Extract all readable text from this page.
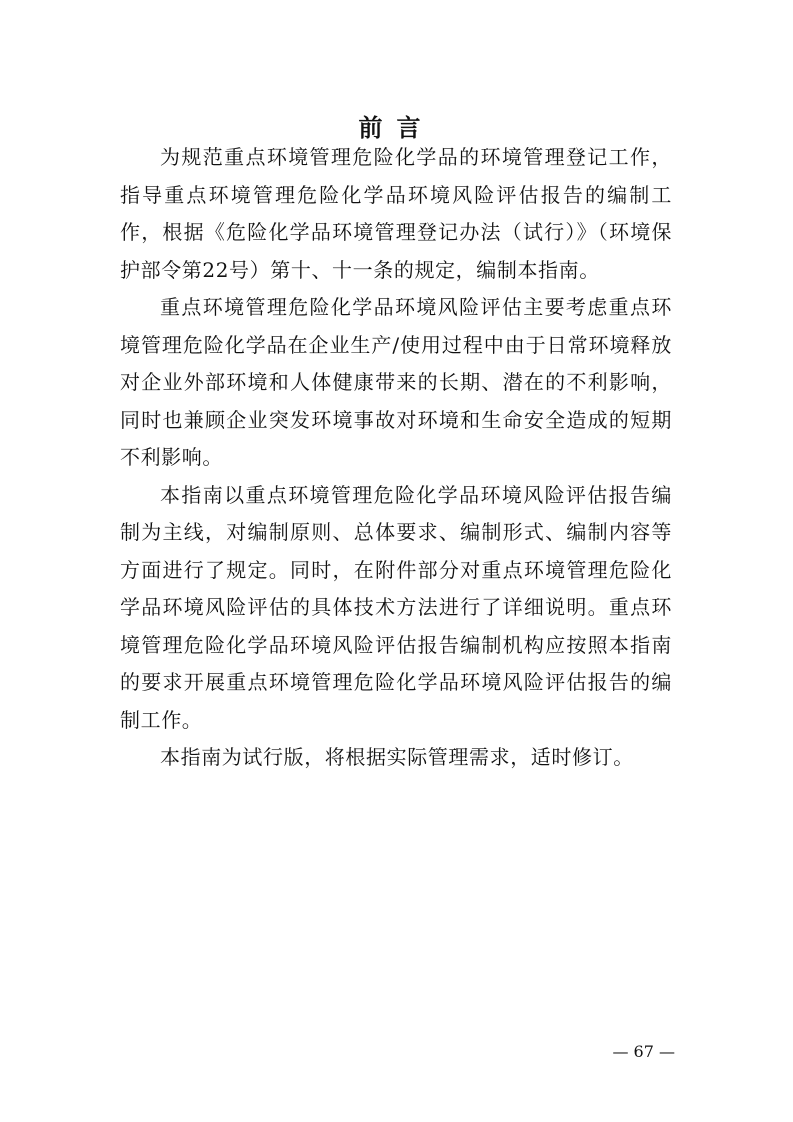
前言

为规范重点环境管理危险化学品的环境管理登记工作，指导重点环境管理危险化学品环境风险评估报告的编制工作，根据《危险化学品环境管理登记办法（试行）》（环境保护部令第22号）第十、十一条的规定，编制本指南。

重点环境管理危险化学品环境风险评估主要考虑重点环境管理危险化学品在企业生产/使用过程中由于日常环境释放对企业外部环境和人体健康带来的长期、潜在的不利影响，同时也兼顾企业突发环境事故对环境和生命安全造成的短期不利影响。

本指南以重点环境管理危险化学品环境风险评估报告编制为主线，对编制原则、总体要求、编制形式、编制内容等方面进行了规定。同时，在附件部分对重点环境管理危险化学品环境风险评估的具体技术方法进行了详细说明。重点环境管理危险化学品环境风险评估报告编制机构应按照本指南的要求开展重点环境管理危险化学品环境风险评估报告的编制工作。

本指南为试行版，将根据实际管理需求，适时修订。

— 67 —
